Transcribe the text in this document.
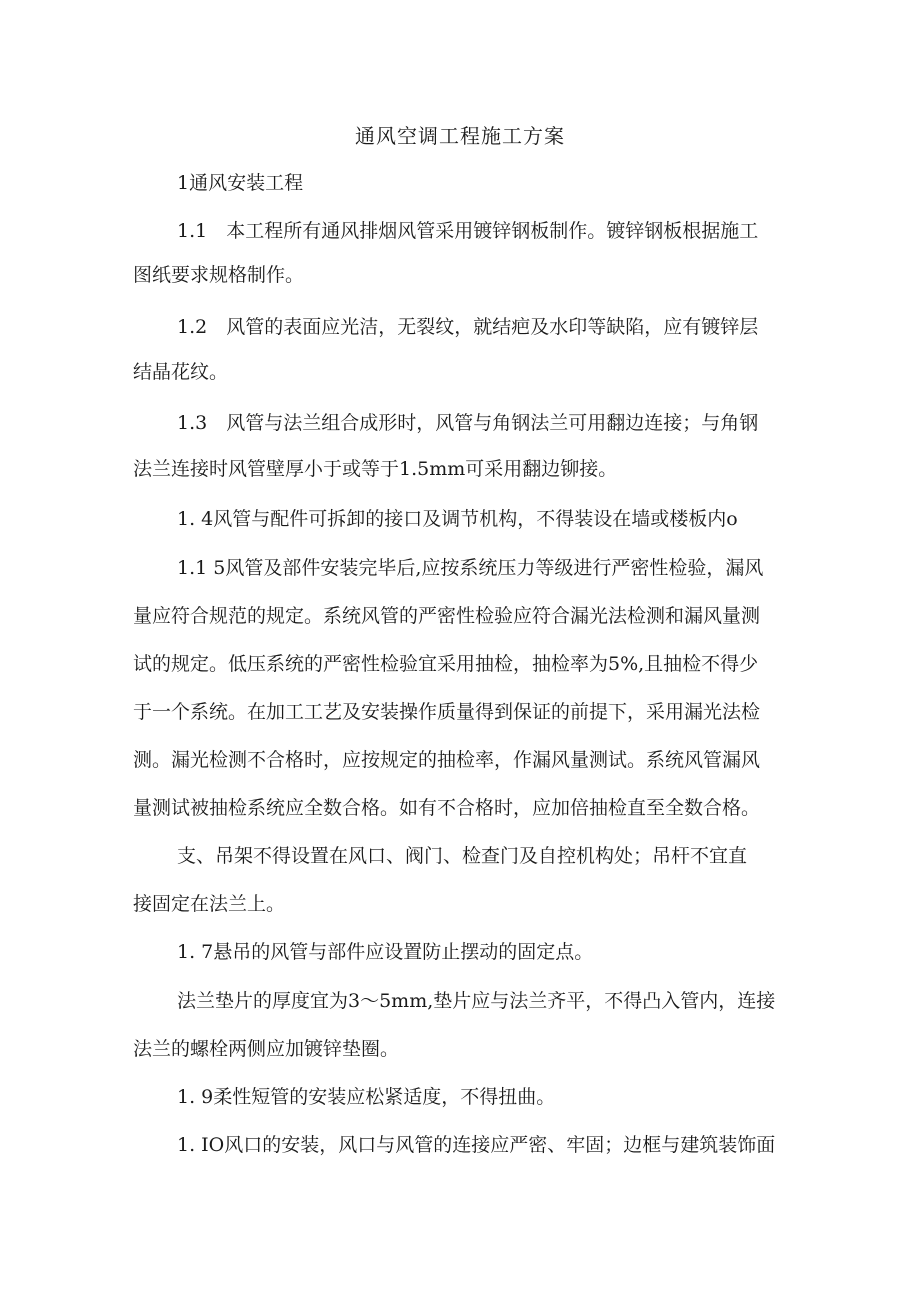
通风空调工程施工方案
1通风安装工程
1.1　本工程所有通风排烟风管采用镀锌钢板制作。镀锌钢板根据施工
图纸要求规格制作。
1.2　风管的表面应光洁，无裂纹，就结疤及水印等缺陷，应有镀锌层
结晶花纹。
1.3　风管与法兰组合成形时，风管与角钢法兰可用翻边连接；与角钢
法兰连接时风管壁厚小于或等于1.5mm可采用翻边铆接。
1. 4风管与配件可拆卸的接口及调节机构，不得装设在墙或楼板内o
1.1 5风管及部件安装完毕后,应按系统压力等级进行严密性检验，漏风
量应符合规范的规定。系统风管的严密性检验应符合漏光法检测和漏风量测
试的规定。低压系统的严密性检验宜采用抽检，抽检率为5%,且抽检不得少
于一个系统。在加工工艺及安装操作质量得到保证的前提下，采用漏光法检
测。漏光检测不合格时，应按规定的抽检率，作漏风量测试。系统风管漏风
量测试被抽检系统应全数合格。如有不合格时，应加倍抽检直至全数合格。
支、吊架不得设置在风口、阀门、检查门及自控机构处；吊杆不宜直
接固定在法兰上。
1. 7悬吊的风管与部件应设置防止摆动的固定点。
法兰垫片的厚度宜为3〜5mm,垫片应与法兰齐平，不得凸入管内，连接
法兰的螺栓两侧应加镀锌垫圈。
1. 9柔性短管的安装应松紧适度，不得扭曲。
1. IO风口的安装，风口与风管的连接应严密、牢固；边框与建筑装饰面
